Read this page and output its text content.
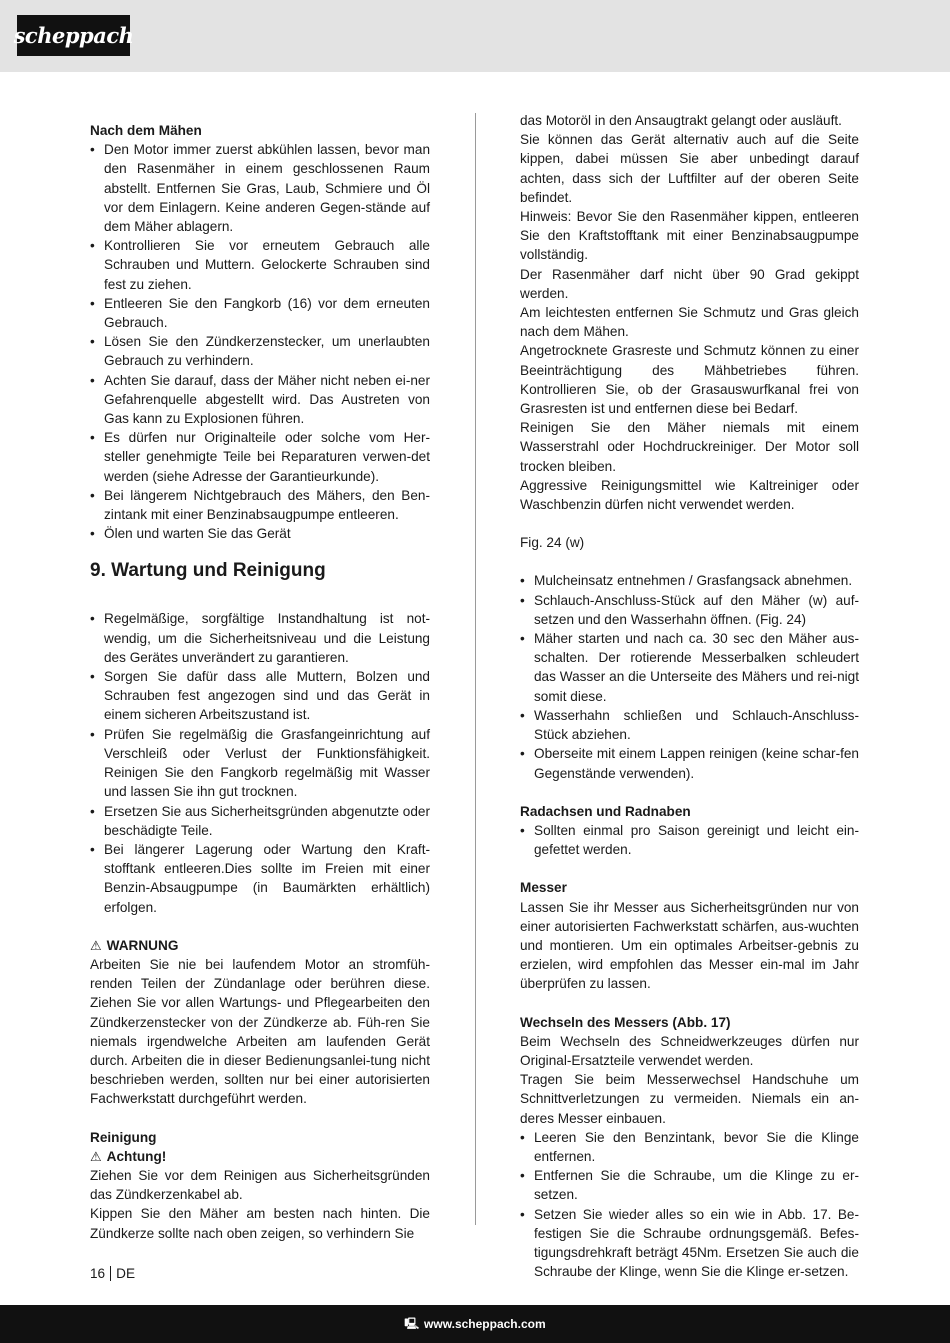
scheppach
Nach dem Mähen
• Den Motor immer zuerst abkühlen lassen, bevor man den Rasenmäher in einem geschlossenen Raum abstellt. Entfernen Sie Gras, Laub, Schmiere und Öl vor dem Einlagern. Keine anderen Gegen-stände auf dem Mäher ablagern.
• Kontrollieren Sie vor erneutem Gebrauch alle Schrauben und Muttern. Gelockerte Schrauben sind fest zu ziehen.
• Entleeren Sie den Fangkorb (16) vor dem erneuten Gebrauch.
• Lösen Sie den Zündkerzenstecker, um unerlaubten Gebrauch zu verhindern.
• Achten Sie darauf, dass der Mäher nicht neben ei-ner Gefahrenquelle abgestellt wird. Das Austreten von Gas kann zu Explosionen führen.
• Es dürfen nur Originalteile oder solche vom Her-steller genehmigte Teile bei Reparaturen verwen-det werden (siehe Adresse der Garantieurkunde).
• Bei längerem Nichtgebrauch des Mähers, den Ben-zintank mit einer Benzinabsaugpumpe entleeren.
• Ölen und warten Sie das Gerät
9. Wartung und Reinigung
• Regelmäßige, sorgfältige Instandhaltung ist not-wendig, um die Sicherheitsniveau und die Leistung des Gerätes unverändert zu garantieren.
• Sorgen Sie dafür dass alle Muttern, Bolzen und Schrauben fest angezogen sind und das Gerät in einem sicheren Arbeitszustand ist.
• Prüfen Sie regelmäßig die Grasfangeinrichtung auf Verschleiß oder Verlust der Funktionsfähigkeit. Reinigen Sie den Fangkorb regelmäßig mit Wasser und lassen Sie ihn gut trocknen.
• Ersetzen Sie aus Sicherheitsgründen abgenutzte oder beschädigte Teile.
• Bei längerer Lagerung oder Wartung den Kraft-stofftank entleeren.Dies sollte im Freien mit einer Benzin-Absaugpumpe (in Baumärkten erhältlich) erfolgen.
⚠ WARNUNG

Arbeiten Sie nie bei laufendem Motor an stromfüh-renden Teilen der Zündanlage oder berühren diese. Ziehen Sie vor allen Wartungs- und Pflegearbeiten den Zündkerzenstecker von der Zündkerze ab. Füh-ren Sie niemals irgendwelche Arbeiten am laufenden Gerät durch. Arbeiten die in dieser Bedienungsanlei-tung nicht beschrieben werden, sollten nur bei einer autorisierten Fachwerkstatt durchgeführt werden.

Reinigung
⚠ Achtung!

Ziehen Sie vor dem Reinigen aus Sicherheitsgründen das Zündkerzenkabel ab.

Kippen Sie den Mäher am besten nach hinten. Die Zündkerze sollte nach oben zeigen, so verhindern Sie

das Motoröl in den Ansaugtrakt gelangt oder ausläuft.

Sie können das Gerät alternativ auch auf die Seite kippen, dabei müssen Sie aber unbedingt darauf achten, dass sich der Luftfilter auf der oberen Seite befindet.

Hinweis: Bevor Sie den Rasenmäher kippen, entleeren Sie den Kraftstofftank mit einer Benzinabsaugpumpe vollständig.

Der Rasenmäher darf nicht über 90 Grad gekippt werden.

Am leichtesten entfernen Sie Schmutz und Gras gleich nach dem Mähen.

Angetrocknete Grasreste und Schmutz können zu einer Beeinträchtigung des Mähbetriebes führen. Kontrollieren Sie, ob der Grasauswurfkanal frei von Grasresten ist und entfernen diese bei Bedarf.

Reinigen Sie den Mäher niemals mit einem Wasserstrahl oder Hochdruckreiniger. Der Motor soll trocken bleiben.

Aggressive Reinigungsmittel wie Kaltreiniger oder Waschbenzin dürfen nicht verwendet werden.

Fig. 24 (w)

• Mulcheinsatz entnehmen / Grasfangsack abnehmen.
• Schlauch-Anschluss-Stück auf den Mäher (w) auf-setzen und den Wasserhahn öffnen. (Fig. 24)
• Mäher starten und nach ca. 30 sec den Mäher aus-schalten. Der rotierende Messerbalken schleudert das Wasser an die Unterseite des Mähers und rei-nigt somit diese.
• Wasserhahn schließen und Schlauch-Anschluss-Stück abziehen.
• Oberseite mit einem Lappen reinigen (keine schar-fen Gegenstände verwenden).
Radachsen und Radnaben
• Sollten einmal pro Saison gereinigt und leicht ein-gefettet werden.
Messer

Lassen Sie ihr Messer aus Sicherheitsgründen nur von einer autorisierten Fachwerkstatt schärfen, aus-wuchten und montieren. Um ein optimales Arbeitser-gebnis zu erzielen, wird empfohlen das Messer ein-mal im Jahr überprüfen zu lassen.

Wechseln des Messers (Abb. 17)

Beim Wechseln des Schneidwerkzeuges dürfen nur Original-Ersatzteile verwendet werden.

Tragen Sie beim Messerwechsel Handschuhe um Schnittverletzungen zu vermeiden. Niemals ein an-deres Messer einbauen.

• Leeren Sie den Benzintank, bevor Sie die Klinge entfernen.
• Entfernen Sie die Schraube, um die Klinge zu er-setzen.
• Setzen Sie wieder alles so ein wie in Abb. 17. Be-festigen Sie die Schraube ordnungsgemäß. Befes-tigungsdrehkraft beträgt 45Nm. Ersetzen Sie auch die Schraube der Klinge, wenn Sie die Klinge er-setzen.
16 DE
🖳 www.scheppach.com
